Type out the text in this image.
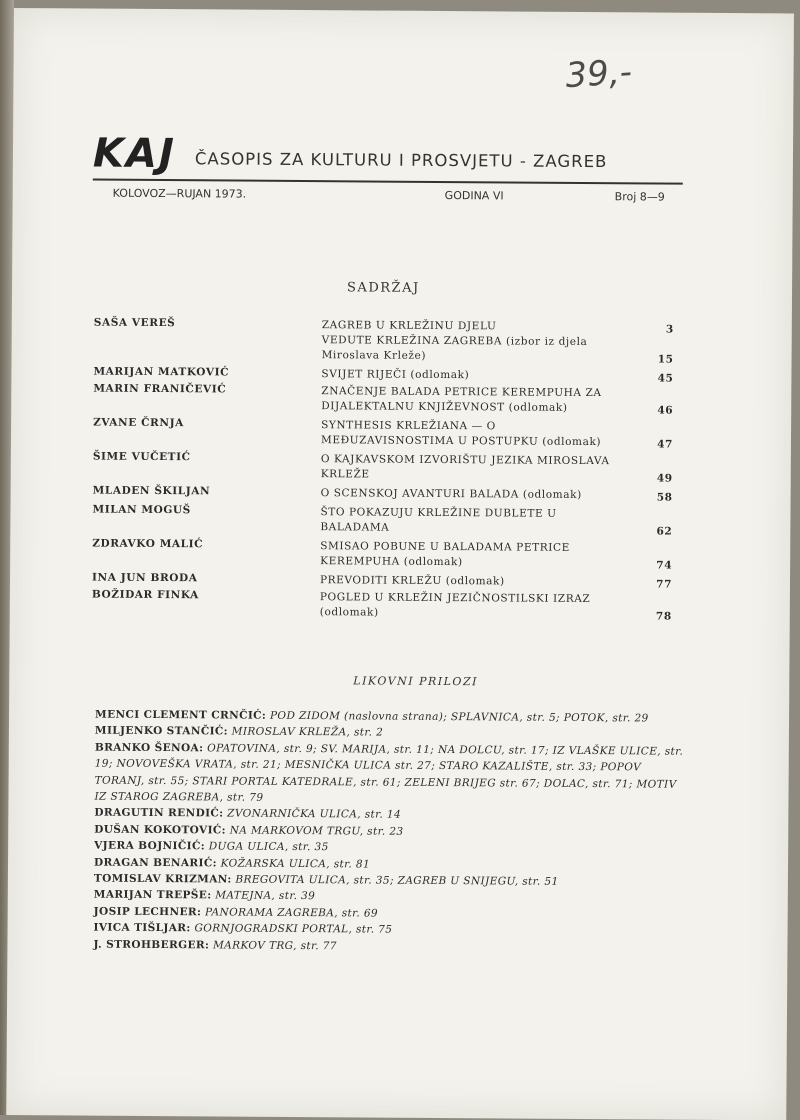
39,-
KAJ ČASOPIS ZA KULTURU I PROSVJETU - ZAGREB
KOLOVOZ—RUJAN 1973.	GODINA VI	Broj 8—9
SADRŽAJ
SAŠA VEREŠ	ZAGREB U KRLEŽINU DJELU	3
VEDUTE KRLEŽINA ZAGREBA (izbor iz djela Miroslava Krleže)	15
MARIJAN MATKOVIĆ	SVIJET RIJEČI (odlomak)	45
MARIN FRANIČEVIĆ	ZNAČENJE BALADA PETRICE KEREMPUHA ZA DIJALEKTALNU KNJIŽEVNOST (odlomak)	46
ZVANE ČRNJA	SYNTHESIS KRLEŽIANA — O MEĐUZAVISNOSTIMA U POSTUPKU (odlomak)	47
ŠIME VUČETIĆ	O KAJKAVSKOM IZVORIŠTU JEZIKA MIROSLAVA KRLEŽE	49
MLADEN ŠKILJAN	O SCENSKOJ AVANTURI BALADA (odlomak)	58
MILAN MOGUŠ	ŠTO POKAZUJU KRLEŽINE DUBLETE U BALADAMA	62
ZDRAVKO MALIĆ	SMISAO POBUNE U BALADAMA PETRICE KEREMPUHA (odlomak)	74
INA JUN BRODA	PREVODITI KRLEŽU (odlomak)	77
BOŽIDAR FINKA	POGLED U KRLEŽIN JEZIČNOSTILSKI IZRAZ (odlomak)	78
LIKOVNI PRILOZI
MENCI CLEMENT CRNČIĆ: POD ZIDOM (naslovna strana); SPLAVNICA, str. 5; POTOK, str. 29
MILJENKO STANČIĆ: MIROSLAV KRLEŽA, str. 2
BRANKO ŠENOA: OPATOVINA, str. 9; SV. MARIJA, str. 11; NA DOLCU, str. 17; IZ VLAŠKE ULICE, str. 19; NOVOVEŠKA VRATA, str. 21; MESNIČKA ULICA str. 27; STARO KAZALIŠTE, str. 33; POPOV TORANJ, str. 55; STARI PORTAL KATEDRALE, str. 61; ZELENI BRIJEG str. 67; DOLAC, str. 71; MOTIV IZ STAROG ZAGREBA, str. 79
DRAGUTIN RENDIĆ: ZVONARNIČKA ULICA, str. 14
DUŠAN KOKOTOVIĆ: NA MARKOVOM TRGU, str. 23
VJERA BOJNIČIĆ: DUGA ULICA, str. 35
DRAGAN BENARIĆ: KOŽARSKA ULICA, str. 81
TOMISLAV KRIZMAN: BREGOVITA ULICA, str. 35; ZAGREB U SNIJEGU, str. 51
MARIJAN TREPŠE: MATEJNA, str. 39
JOSIP LECHNER: PANORAMA ZAGREBA, str. 69
IVICA TIŠLJAR: GORNJOGRADSKI PORTAL, str. 75
J. STROHBERGER: MARKOV TRG, str. 77
